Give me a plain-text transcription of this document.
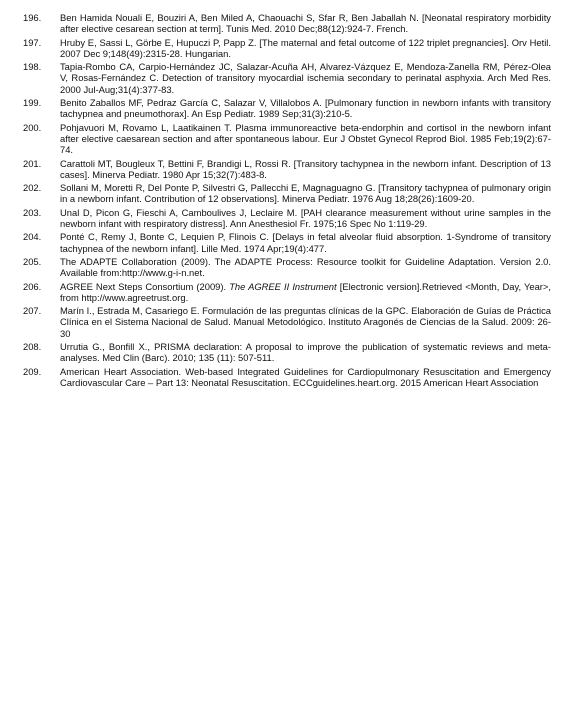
196.	Ben Hamida Nouali E, Bouziri A, Ben Miled A, Chaouachi S, Sfar R, Ben Jaballah N. [Neonatal respiratory morbidity after elective cesarean section at term]. Tunis Med. 2010 Dec;88(12):924-7. French.
197.	Hruby E, Sassi L, Görbe E, Hupuczi P, Papp Z. [The maternal and fetal outcome of 122 triplet pregnancies]. Orv Hetil. 2007 Dec 9;148(49):2315-28. Hungarian.
198.	Tapia-Rombo CA, Carpio-Hernández JC, Salazar-Acuña AH, Alvarez-Vázquez E, Mendoza-Zanella RM, Pérez-Olea V, Rosas-Fernández C. Detection of transitory myocardial ischemia secondary to perinatal asphyxia. Arch Med Res. 2000 Jul-Aug;31(4):377-83.
199.	Benito Zaballos MF, Pedraz García C, Salazar V, Villalobos A. [Pulmonary function in newborn infants with transitory tachypnea and pneumothorax]. An Esp Pediatr. 1989 Sep;31(3):210-5.
200.	Pohjavuori M, Rovamo L, Laatikainen T. Plasma immunoreactive beta-endorphin and cortisol in the newborn infant after elective caesarean section and after spontaneous labour. Eur J Obstet Gynecol Reprod Biol. 1985 Feb;19(2):67-74.
201.	Carattoli MT, Bougleux T, Bettini F, Brandigi L, Rossi R. [Transitory tachypnea in the newborn infant. Description of 13 cases]. Minerva Pediatr. 1980 Apr 15;32(7):483-8.
202.	Sollani M, Moretti R, Del Ponte P, Silvestri G, Pallecchi E, Magnaguagno G. [Transitory tachypnea of pulmonary origin in a newborn infant. Contribution of 12 observations]. Minerva Pediatr. 1976 Aug 18;28(26):1609-20.
203.	Unal D, Picon G, Fieschi A, Camboulives J, Leclaire M. [PAH clearance measurement without urine samples in the newborn infant with respiratory distress]. Ann Anesthesiol Fr. 1975;16 Spec No 1:119-29.
204.	Ponté C, Remy J, Bonte C, Lequien P, Flinois C. [Delays in fetal alveolar fluid absorption. 1-Syndrome of transitory tachypnea of the newborn infant]. Lille Med. 1974 Apr;19(4):477.
205.	The ADAPTE Collaboration (2009). The ADAPTE Process: Resource toolkit for Guideline Adaptation. Version 2.0. Available from:http://www.g-i-n.net.
206.	AGREE Next Steps Consortium (2009). The AGREE II Instrument [Electronic version].Retrieved <Month, Day, Year>, from http://www.agreetrust.org.
207.	Marín I., Estrada M, Casariego E. Formulación de las preguntas clínicas de la GPC. Elaboración de Guías de Práctica Clínica en el Sistema Nacional de Salud. Manual Metodológico. Instituto Aragonés de Ciencias de la Salud. 2009: 26-30
208.	Urrutia G., Bonfill X., PRISMA declaration: A proposal to improve the publication of systematic reviews and meta-analyses. Med Clin (Barc). 2010; 135 (11): 507-511.
209.	American Heart Association. Web-based Integrated Guidelines for Cardiopulmonary Resuscitation and Emergency Cardiovascular Care – Part 13: Neonatal Resuscitation. ECCguidelines.heart.org. 2015 American Heart Association
